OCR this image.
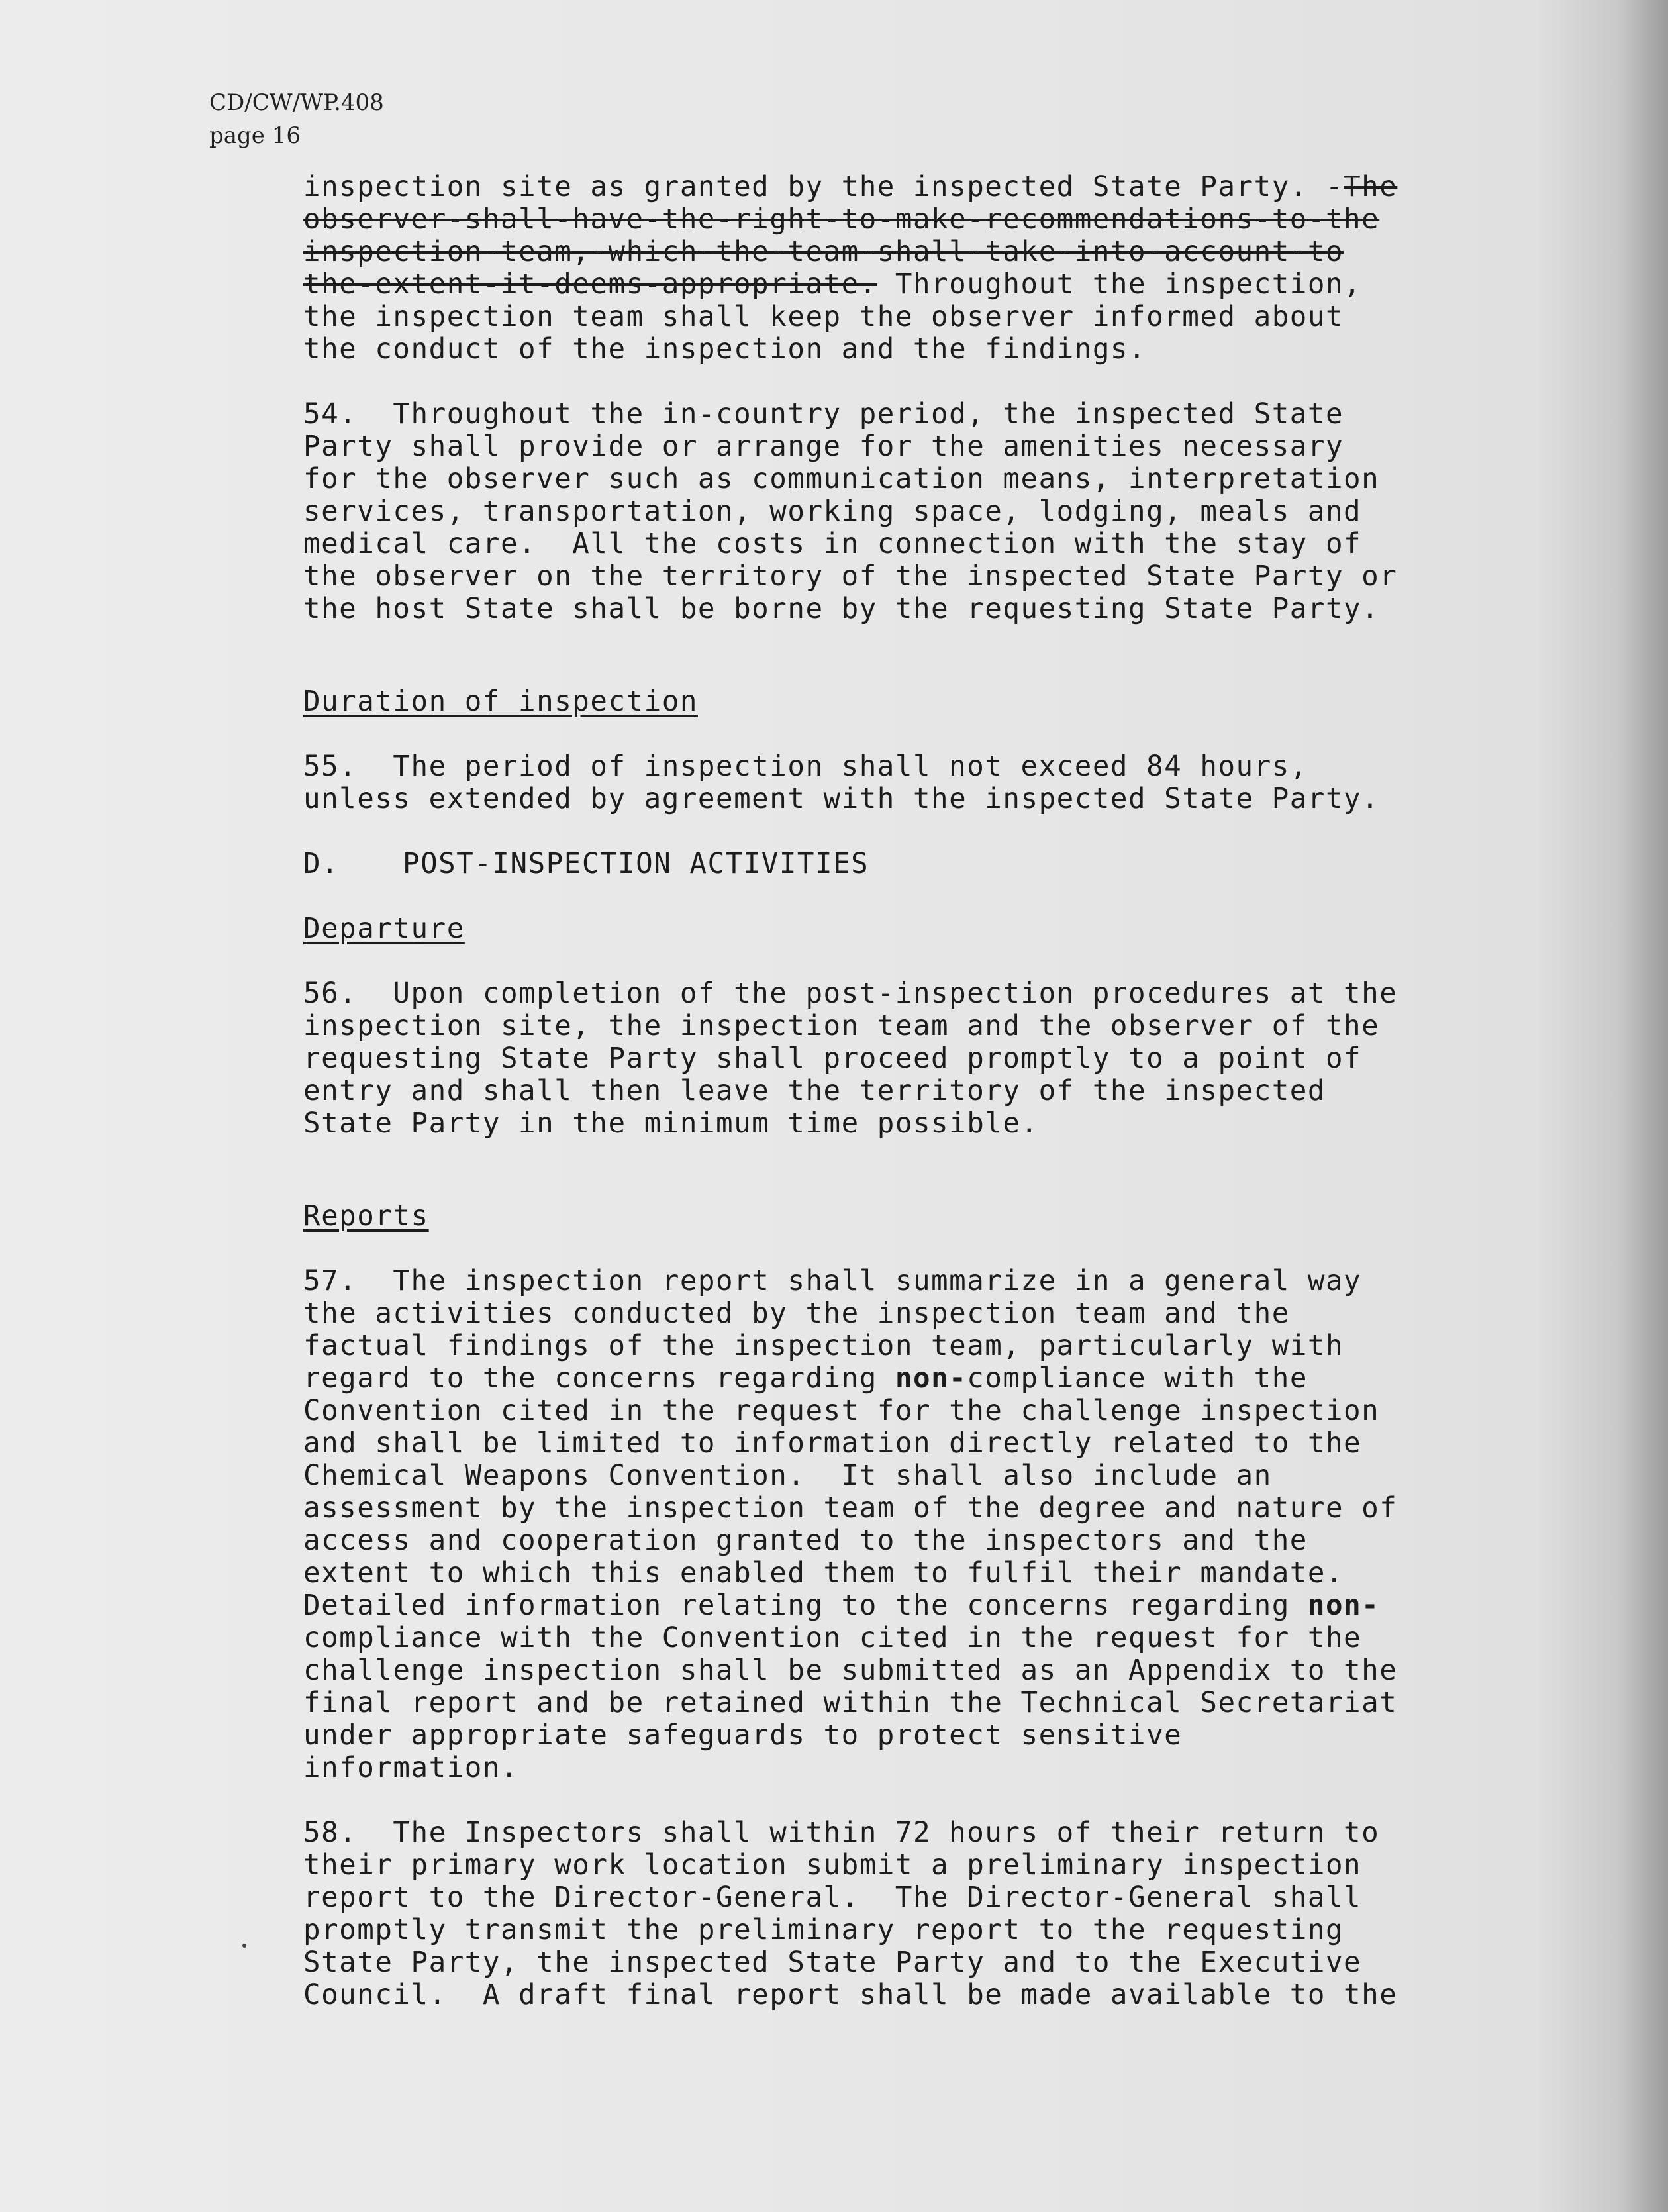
CD/CW/WP.408
page 16
inspection site as granted by the inspected State Party. -The
observer-shall-have-the-right-to-make-recommendations-to-the
inspection-team,-which-the-team-shall-take-into-account-to
the-extent-it-deems-appropriate. Throughout the inspection,
the inspection team shall keep the observer informed about
the conduct of the inspection and the findings.
54.  Throughout the in-country period, the inspected State
Party shall provide or arrange for the amenities necessary
for the observer such as communication means, interpretation
services, transportation, working space, lodging, meals and
medical care.  All the costs in connection with the stay of
the observer on the territory of the inspected State Party or
the host State shall be borne by the requesting State Party.
Duration of inspection
55.  The period of inspection shall not exceed 84 hours,
unless extended by agreement with the inspected State Party.
D. POST-INSPECTION ACTIVITIES
Departure
56.  Upon completion of the post-inspection procedures at the
inspection site, the inspection team and the observer of the
requesting State Party shall proceed promptly to a point of
entry and shall then leave the territory of the inspected
State Party in the minimum time possible.
Reports
57.  The inspection report shall summarize in a general way
the activities conducted by the inspection team and the
factual findings of the inspection team, particularly with
regard to the concerns regarding non-compliance with the
Convention cited in the request for the challenge inspection
and shall be limited to information directly related to the
Chemical Weapons Convention.  It shall also include an
assessment by the inspection team of the degree and nature of
access and cooperation granted to the inspectors and the
extent to which this enabled them to fulfil their mandate.
Detailed information relating to the concerns regarding non-
compliance with the Convention cited in the request for the
challenge inspection shall be submitted as an Appendix to the
final report and be retained within the Technical Secretariat
under appropriate safeguards to protect sensitive
information.
58.  The Inspectors shall within 72 hours of their return to
their primary work location submit a preliminary inspection
report to the Director-General.  The Director-General shall
promptly transmit the preliminary report to the requesting
State Party, the inspected State Party and to the Executive
Council.  A draft final report shall be made available to the
